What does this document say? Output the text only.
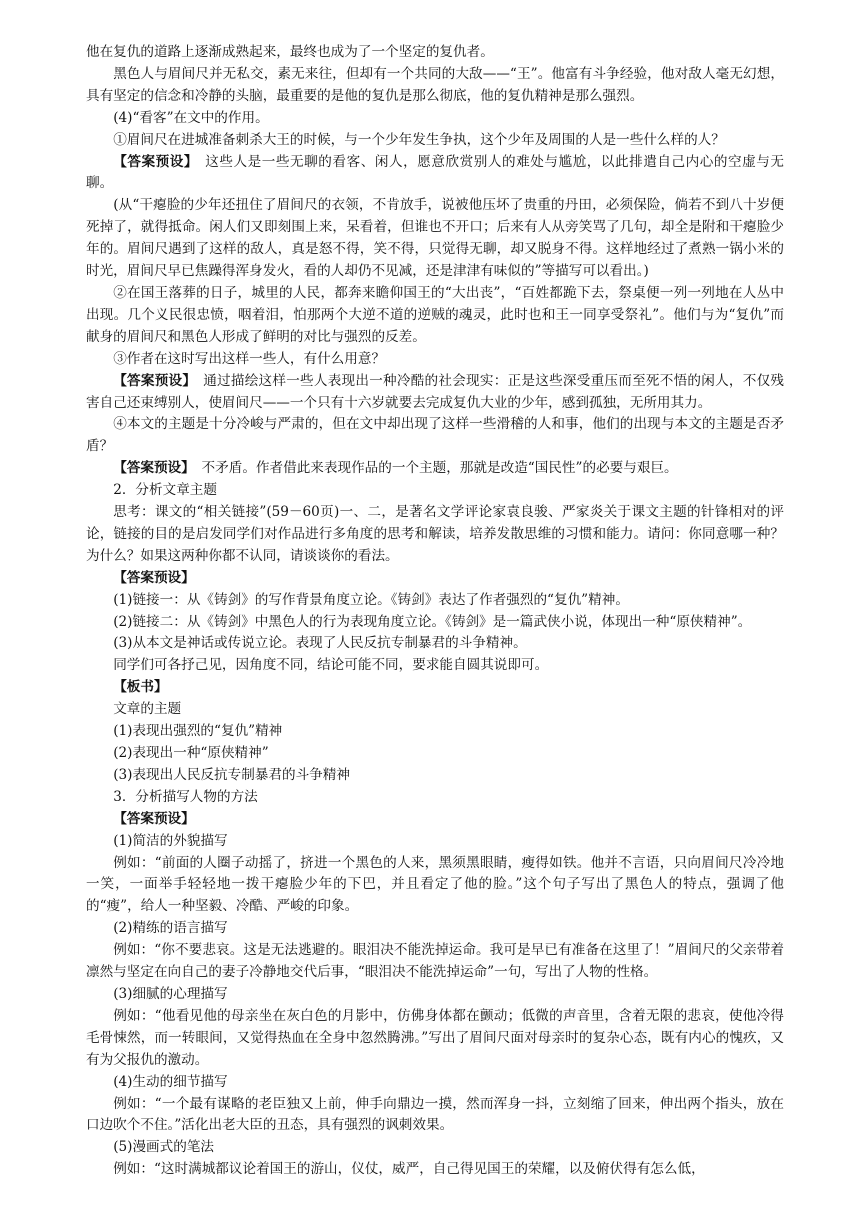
他在复仇的道路上逐渐成熟起来，最终也成为了一个坚定的复仇者。

黑色人与眉间尺并无私交，素无来往，但却有一个共同的大敌——“王”。他富有斗争经验，他对敌人毫无幻想，具有坚定的信念和冷静的头脑，最重要的是他的复仇是那么彻底，他的复仇精神是那么强烈。

(4)“看客”在文中的作用。

①眉间尺在进城准备刺杀大王的时候，与一个少年发生争执，这个少年及周围的人是一些什么样的人？

【答案预设】　这些人是一些无聊的看客、闲人，愿意欣赏别人的难处与尴尬，以此排遣自己内心的空虚与无聊。

(从“干瘪脸的少年还扭住了眉间尺的衣领，不肯放手，说被他压坏了贵重的丹田，必须保险，倘若不到八十岁便死掉了，就得抵命。闲人们又即刻围上来，呆看着，但谁也不开口；后来有人从旁笑骂了几句，却全是附和干瘪脸少年的。眉间尺遇到了这样的敌人，真是怒不得，笑不得，只觉得无聊，却又脱身不得。这样地经过了煮熟一锅小米的时光，眉间尺早已焦躁得浑身发火，看的人却仍不见减，还是津津有味似的”等描写可以看出。)

②在国王落葬的日子，城里的人民，都奔来瞻仰国王的“大出丧”，“百姓都跪下去，祭桌便一列一列地在人丛中出现。几个义民很忠愤，咽着泪，怕那两个大逆不道的逆贼的魂灵，此时也和王一同享受祭礼”。他们与为“复仇”而献身的眉间尺和黑色人形成了鲜明的对比与强烈的反差。

③作者在这时写出这样一些人，有什么用意？

【答案预设】　通过描绘这样一些人表现出一种冷酷的社会现实：正是这些深受重压而至死不悟的闲人，不仅残害自己还束缚别人，使眉间尺——一个只有十六岁就要去完成复仇大业的少年，感到孤独，无所用其力。

④本文的主题是十分冷峻与严肃的，但在文中却出现了这样一些滑稽的人和事，他们的出现与本文的主题是否矛盾？

【答案预设】　不矛盾。作者借此来表现作品的一个主题，那就是改造“国民性”的必要与艰巨。

2．分析文章主题

思考：课文的“相关链接”(59－60页)一、二，是著名文学评论家袁良骏、严家炎关于课文主题的针锋相对的评论，链接的目的是启发同学们对作品进行多角度的思考和解读，培养发散思维的习惯和能力。请问：你同意哪一种？为什么？如果这两种你都不认同，请谈谈你的看法。

【答案预设】

(1)链接一：从《铸剑》的写作背景角度立论。《铸剑》表达了作者强烈的“复仇”精神。

(2)链接二：从《铸剑》中黑色人的行为表现角度立论。《铸剑》是一篇武侠小说，体现出一种“原侠精神”。

(3)从本文是神话或传说立论。表现了人民反抗专制暴君的斗争精神。

同学们可各抒己见，因角度不同，结论可能不同，要求能自圆其说即可。

【板书】

文章的主题

(1)表现出强烈的“复仇”精神

(2)表现出一种“原侠精神”

(3)表现出人民反抗专制暴君的斗争精神

3．分析描写人物的方法

【答案预设】

(1)简洁的外貌描写

例如：“前面的人圈子动摇了，挤进一个黑色的人来，黑须黑眼睛，瘦得如铁。他并不言语，只向眉间尺冷冷地一笑，一面举手轻轻地一拨干瘪脸少年的下巴，并且看定了他的脸。”这个句子写出了黑色人的特点，强调了他的“瘦”，给人一种坚毅、冷酷、严峻的印象。

(2)精练的语言描写

例如：“你不要悲哀。这是无法逃避的。眼泪决不能洗掉运命。我可是早已有准备在这里了！”眉间尺的父亲带着凛然与坚定在向自己的妻子冷静地交代后事，“眼泪决不能洗掉运命”一句，写出了人物的性格。

(3)细腻的心理描写

例如：“他看见他的母亲坐在灰白色的月影中，仿佛身体都在颤动；低微的声音里，含着无限的悲哀，使他冷得毛骨悚然，而一转眼间，又觉得热血在全身中忽然腾沸。”写出了眉间尺面对母亲时的复杂心态，既有内心的愧疚，又有为父报仇的激动。

(4)生动的细节描写

例如：“一个最有谋略的老臣独又上前，伸手向鼎边一摸，然而浑身一抖，立刻缩了回来，伸出两个指头，放在口边吹个不住。”活化出老大臣的丑态，具有强烈的讽刺效果。

(5)漫画式的笔法

例如：“这时满城都议论着国王的游山，仪仗，威严，自己得见国王的荣耀，以及俯伏得有怎么低，
